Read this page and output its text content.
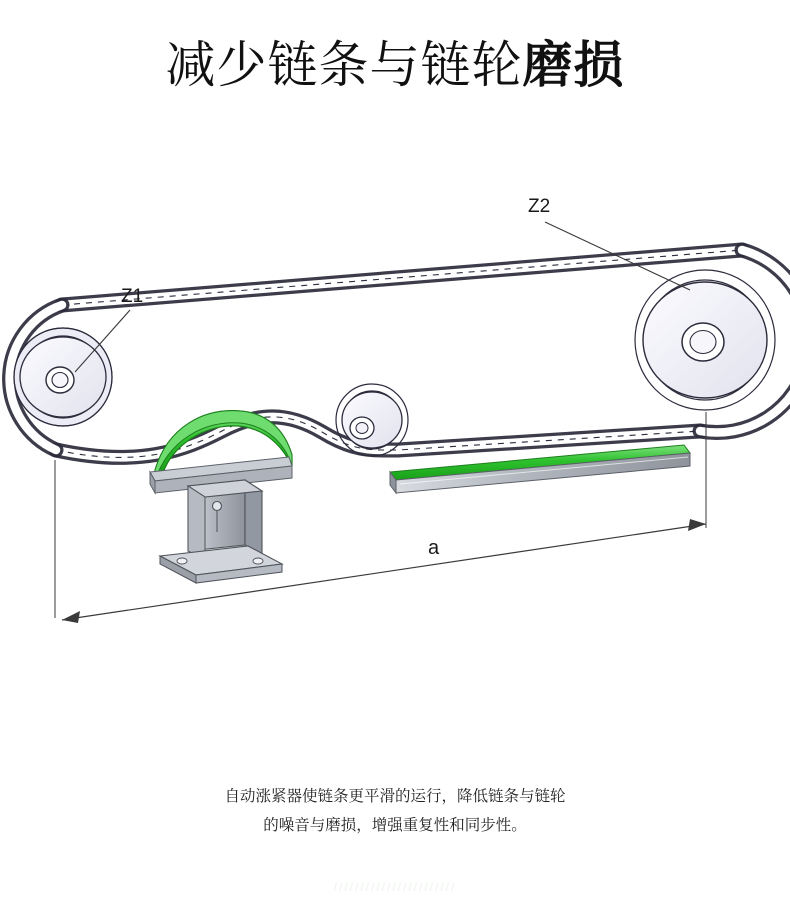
减少链条与链轮磨损
Z1
Z2
a
自动涨紧器使链条更平滑的运行，降低链条与链轮
的噪音与磨损，增强重复性和同步性。
///////////////////////
